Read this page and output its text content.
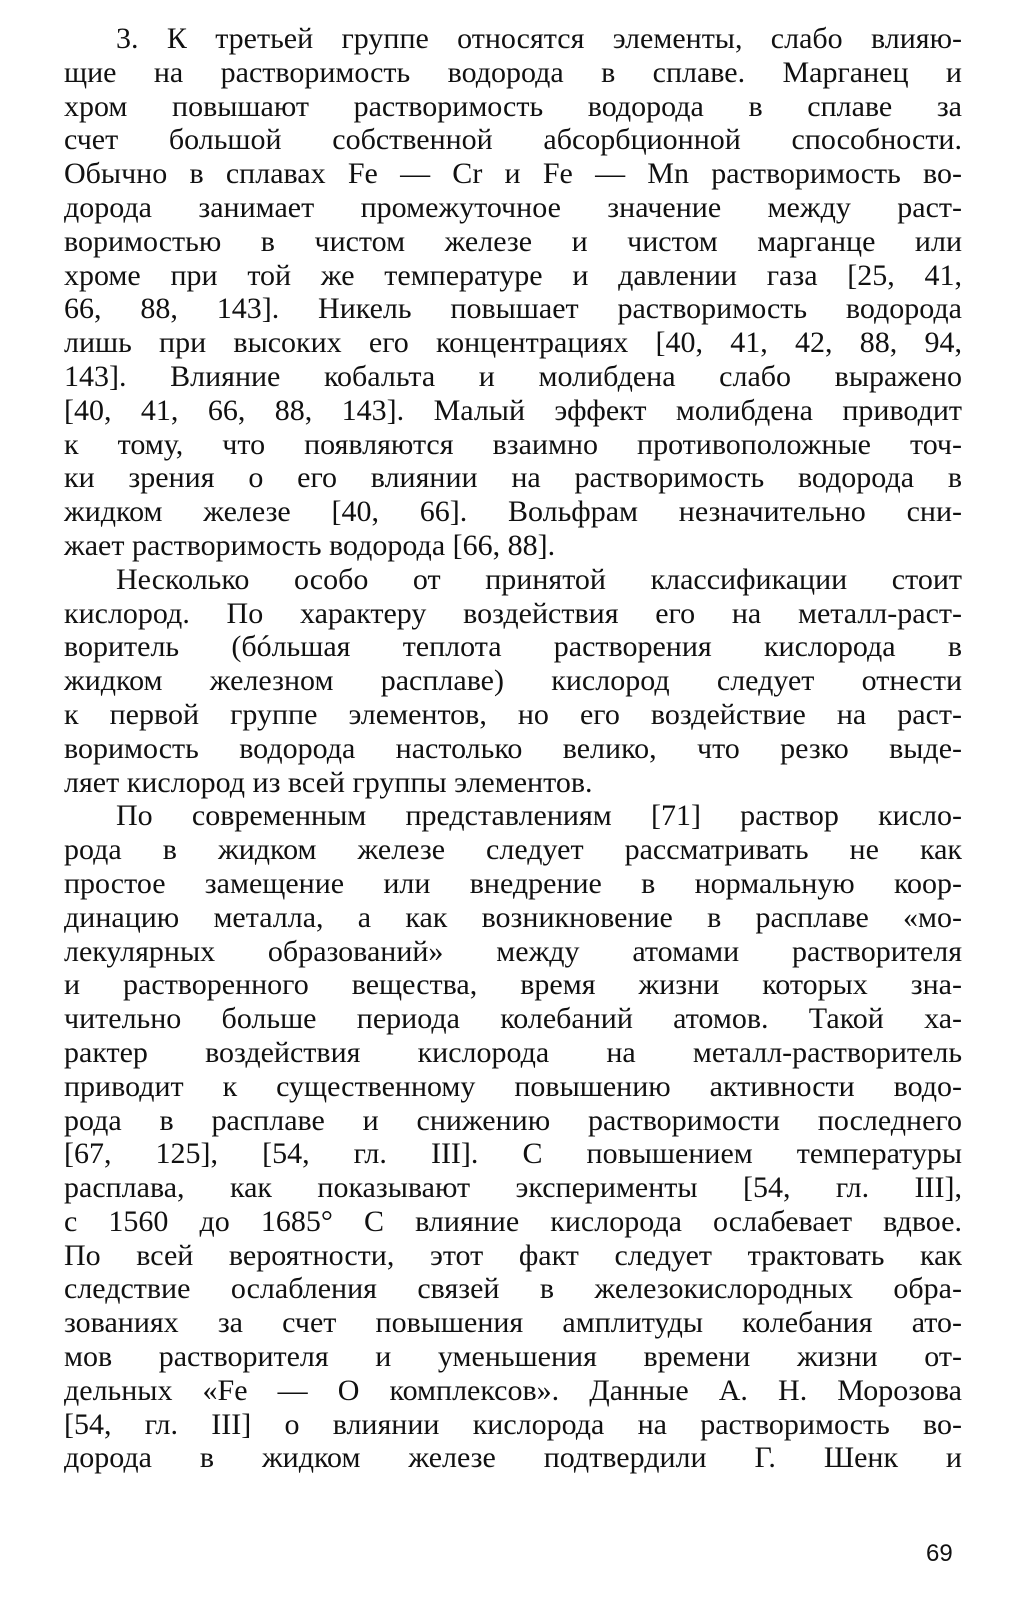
3. К третьей группе относятся элементы, слабо влияю-
щие на растворимость водорода в сплаве. Марганец и
хром повышают растворимость водорода в сплаве за
счет большой собственной абсорбционной способности.
Обычно в сплавах Fe — Cr и Fe — Mn растворимость во-
дорода занимает промежуточное значение между раст-
воримостью в чистом железе и чистом марганце или
хроме при той же температуре и давлении газа [25, 41,
66, 88, 143]. Никель повышает растворимость водорода
лишь при высоких его концентрациях [40, 41, 42, 88, 94,
143]. Влияние кобальта и молибдена слабо выражено
[40, 41, 66, 88, 143]. Малый эффект молибдена приводит
к тому, что появляются взаимно противоположные точ-
ки зрения о его влиянии на растворимость водорода в
жидком железе [40, 66]. Вольфрам незначительно сни-
жает растворимость водорода [66, 88].
Несколько особо от принятой классификации стоит
кислород. По характеру воздействия его на металл-раст-
воритель (бóльшая теплота растворения кислорода в
жидком железном расплаве) кислород следует отнести
к первой группе элементов, но его воздействие на раст-
воримость водорода настолько велико, что резко выде-
ляет кислород из всей группы элементов.
По современным представлениям [71] раствор кисло-
рода в жидком железе следует рассматривать не как
простое замещение или внедрение в нормальную коор-
динацию металла, а как возникновение в расплаве «мо-
лекулярных образований» между атомами растворителя
и растворенного вещества, время жизни которых зна-
чительно больше периода колебаний атомов. Такой ха-
рактер воздействия кислорода на металл-растворитель
приводит к существенному повышению активности водо-
рода в расплаве и снижению растворимости последнего
[67, 125], [54, гл. III]. С повышением температуры
расплава, как показывают эксперименты [54, гл. III],
с 1560 до 1685° С влияние кислорода ослабевает вдвое.
По всей вероятности, этот факт следует трактовать как
следствие ослабления связей в железокислородных обра-
зованиях за счет повышения амплитуды колебания ато-
мов растворителя и уменьшения времени жизни от-
дельных «Fe — O комплексов». Данные А. Н. Морозова
[54, гл. III] о влиянии кислорода на растворимость во-
дорода в жидком железе подтвердили Г. Шенк и
69
